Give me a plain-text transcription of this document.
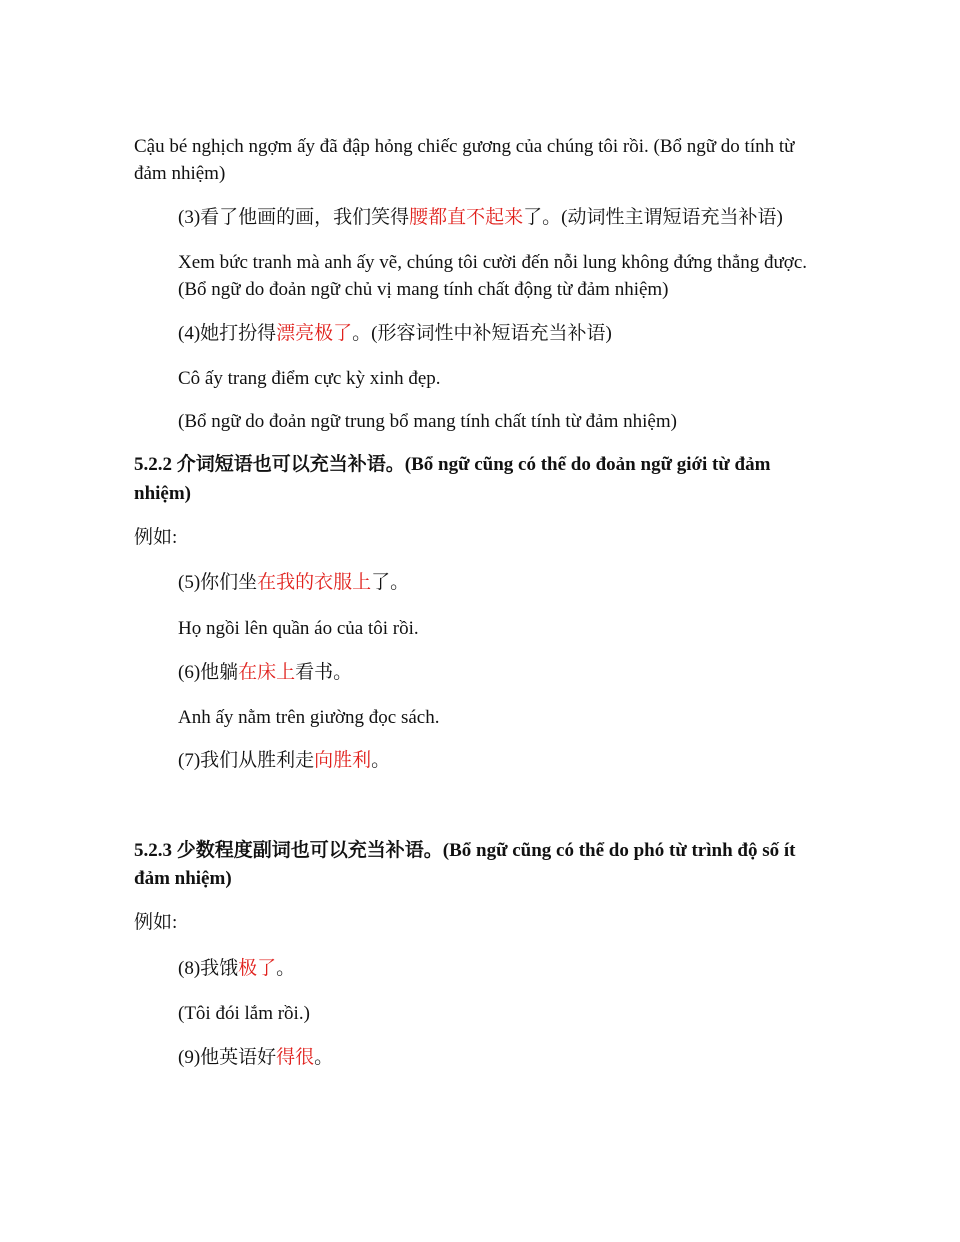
Cậu bé nghịch ngợm ấy đã đập hỏng chiếc gương của chúng tôi rồi. (Bổ ngữ do tính từ
đảm nhiệm)
(3)看了他画的画，我们笑得腰都直不起来了。(动词性主谓短语充当补语)
Xem bức tranh mà anh ấy vẽ, chúng tôi cười đến nỗi lung không đứng thẳng được.
(Bổ ngữ do đoản ngữ chủ vị mang tính chất động từ đảm nhiệm)
(4)她打扮得漂亮极了。(形容词性中补短语充当补语)
Cô ấy trang điểm cực kỳ xinh đẹp.
(Bổ ngữ do đoản ngữ trung bổ mang tính chất tính từ đảm nhiệm)
5.2.2 介词短语也可以充当补语。(Bổ ngữ cũng có thể do đoản ngữ giới từ đảm
nhiệm)
例如:
(5)你们坐在我的衣服上了。
Họ ngồi lên quần áo của tôi rồi.
(6)他躺在床上看书。
Anh ấy nằm trên giường đọc sách.
(7)我们从胜利走向胜利。
5.2.3 少数程度副词也可以充当补语。(Bổ ngữ cũng có thể do phó từ trình độ số ít
đảm nhiệm)
例如:
(8)我饿极了。
(Tôi đói lắm rồi.)
(9)他英语好得很。
